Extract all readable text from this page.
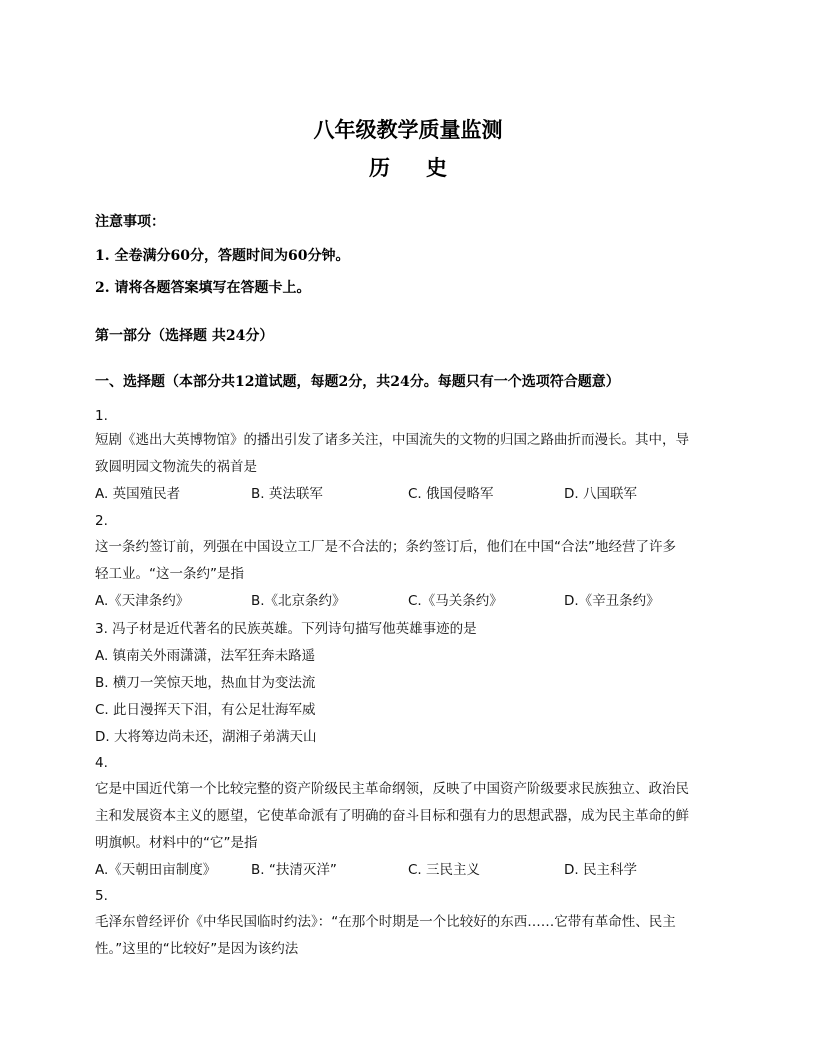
八年级教学质量监测
历史
注意事项：
1. 全卷满分60分，答题时间为60分钟。
2. 请将各题答案填写在答题卡上。
第一部分（选择题 共24分）
一、选择题（本部分共12道试题，每题2分，共24分。每题只有一个选项符合题意）
1.
短剧《逃出大英博物馆》的播出引发了诸多关注，中国流失的文物的归国之路曲折而漫长。其中，导
致圆明园文物流失的祸首是
A. 英国殖民者	B. 英法联军	C. 俄国侵略军	D. 八国联军
2.
这一条约签订前，列强在中国设立工厂是不合法的；条约签订后，他们在中国“合法”地经营了许多
轻工业。“这一条约”是指
A.《天津条约》	B.《北京条约》	C.《马关条约》	D.《辛丑条约》
3. 冯子材是近代著名的民族英雄。下列诗句描写他英雄事迹的是
A. 镇南关外雨潇潇，法军狂奔未路遥
B. 横刀一笑惊天地，热血甘为变法流
C. 此日漫挥天下泪，有公足壮海军威
D. 大将筹边尚未还，湖湘子弟满天山
4.
它是中国近代第一个比较完整的资产阶级民主革命纲领，反映了中国资产阶级要求民族独立、政治民
主和发展资本主义的愿望，它使革命派有了明确的奋斗目标和强有力的思想武器，成为民主革命的鲜
明旗帜。材料中的“它”是指
A.《天朝田亩制度》	B. “扶清灭洋”	C. 三民主义	D. 民主科学
5.
毛泽东曾经评价《中华民国临时约法》：“在那个时期是一个比较好的东西……它带有革命性、民主
性。”这里的“比较好”是因为该约法
